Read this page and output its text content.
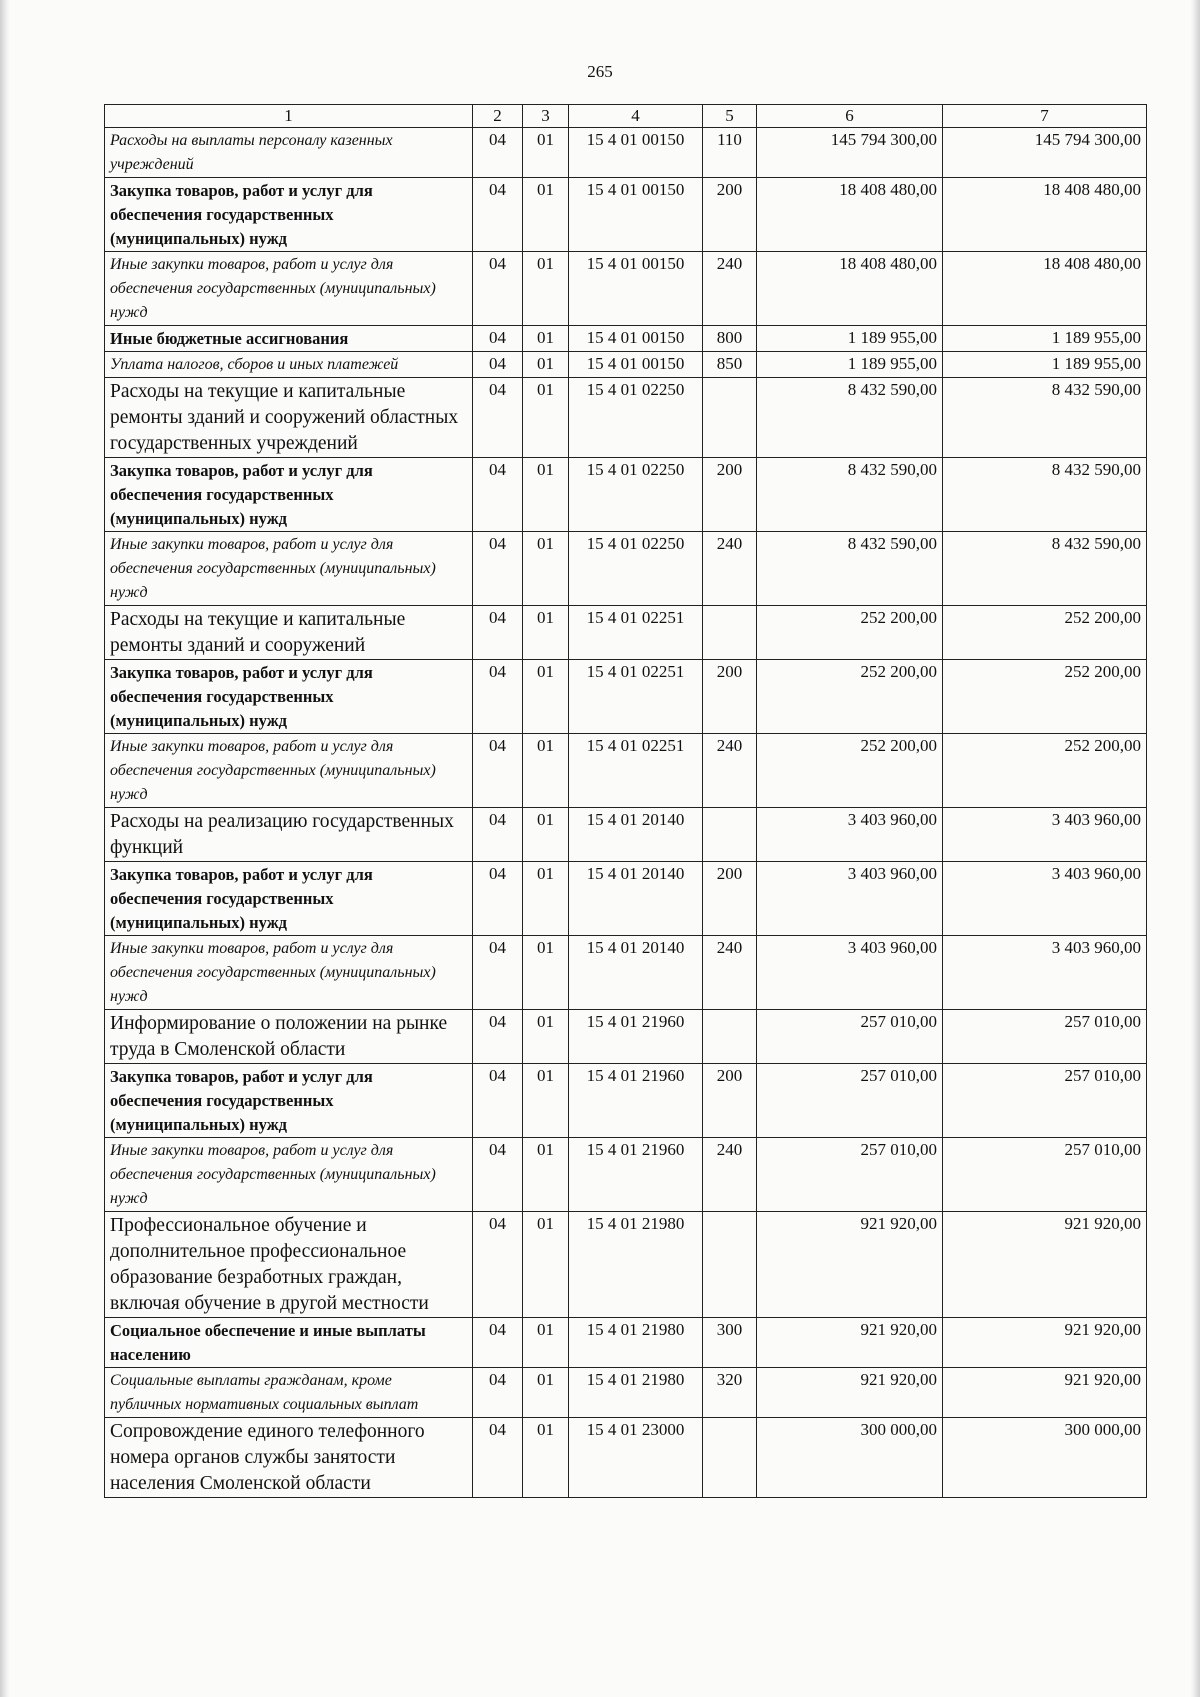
265
1	2	3	4	5	6	7
Расходы на выплаты персоналу казенных учреждений	04	01	15 4 01 00150	110	145 794 300,00	145 794 300,00
Закупка товаров, работ и услуг для обеспечения государственных (муниципальных) нужд	04	01	15 4 01 00150	200	18 408 480,00	18 408 480,00
Иные закупки товаров, работ и услуг для обеспечения государственных (муниципальных) нужд	04	01	15 4 01 00150	240	18 408 480,00	18 408 480,00
Иные бюджетные ассигнования	04	01	15 4 01 00150	800	1 189 955,00	1 189 955,00
Уплата налогов, сборов и иных платежей	04	01	15 4 01 00150	850	1 189 955,00	1 189 955,00
Расходы на текущие и капитальные ремонты зданий и сооружений областных государственных учреждений	04	01	15 4 01 02250		8 432 590,00	8 432 590,00
Закупка товаров, работ и услуг для обеспечения государственных (муниципальных) нужд	04	01	15 4 01 02250	200	8 432 590,00	8 432 590,00
Иные закупки товаров, работ и услуг для обеспечения государственных (муниципальных) нужд	04	01	15 4 01 02250	240	8 432 590,00	8 432 590,00
Расходы на текущие и капитальные ремонты зданий и сооружений	04	01	15 4 01 02251		252 200,00	252 200,00
Закупка товаров, работ и услуг для обеспечения государственных (муниципальных) нужд	04	01	15 4 01 02251	200	252 200,00	252 200,00
Иные закупки товаров, работ и услуг для обеспечения государственных (муниципальных) нужд	04	01	15 4 01 02251	240	252 200,00	252 200,00
Расходы на реализацию государственных функций	04	01	15 4 01 20140		3 403 960,00	3 403 960,00
Закупка товаров, работ и услуг для обеспечения государственных (муниципальных) нужд	04	01	15 4 01 20140	200	3 403 960,00	3 403 960,00
Иные закупки товаров, работ и услуг для обеспечения государственных (муниципальных) нужд	04	01	15 4 01 20140	240	3 403 960,00	3 403 960,00
Информирование о положении на рынке труда в Смоленской области	04	01	15 4 01 21960		257 010,00	257 010,00
Закупка товаров, работ и услуг для обеспечения государственных (муниципальных) нужд	04	01	15 4 01 21960	200	257 010,00	257 010,00
Иные закупки товаров, работ и услуг для обеспечения государственных (муниципальных) нужд	04	01	15 4 01 21960	240	257 010,00	257 010,00
Профессиональное обучение и дополнительное профессиональное образование безработных граждан, включая обучение в другой местности	04	01	15 4 01 21980		921 920,00	921 920,00
Социальное обеспечение и иные выплаты населению	04	01	15 4 01 21980	300	921 920,00	921 920,00
Социальные выплаты гражданам, кроме публичных нормативных социальных выплат	04	01	15 4 01 21980	320	921 920,00	921 920,00
Сопровождение единого телефонного номера органов службы занятости населения Смоленской области	04	01	15 4 01 23000		300 000,00	300 000,00
